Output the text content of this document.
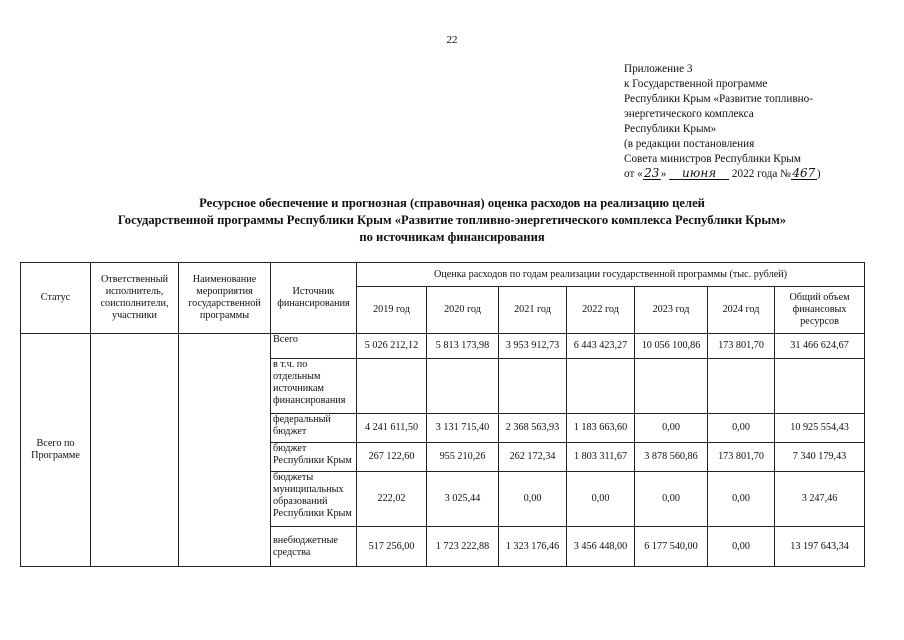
22
Приложение 3
к Государственной программе
Республики Крым «Развитие топливно-
энергетического комплекса
Республики Крым»
(в редакции постановления
Совета министров Республики Крым
от «23» июня 2022 года № 467 )
Ресурсное обеспечение и прогнозная (справочная) оценка расходов на реализацию целей
Государственной программы Республики Крым «Развитие топливно-энергетического комплекса Республики Крым»
по источникам финансирования
Статус	Ответственный исполнитель, соисполнители, участники	Наименование мероприятия государственной программы	Источник финансирования	Оценка расходов по годам реализации государственной программы (тыс. рублей)						
				2019 год	2020 год	2021 год	2022 год	2023 год	2024 год	Общий объем финансовых ресурсов
Всего по Программе			Всего	5 026 212,12	5 813 173,98	3 953 912,73	6 443 423,27	10 056 100,86	173 801,70	31 466 624,67
			в т.ч. по отдельным источникам финансирования							
			федеральный бюджет	4 241 611,50	3 131 715,40	2 368 563,93	1 183 663,60	0,00	0,00	10 925 554,43
			бюджет Республики Крым	267 122,60	955 210,26	262 172,34	1 803 311,67	3 878 560,86	173 801,70	7 340 179,43
			бюджеты муниципальных образований Республики Крым	222,02	3 025,44	0,00	0,00	0,00	0,00	3 247,46
			внебюджетные средства	517 256,00	1 723 222,88	1 323 176,46	3 456 448,00	6 177 540,00	0,00	13 197 643,34
